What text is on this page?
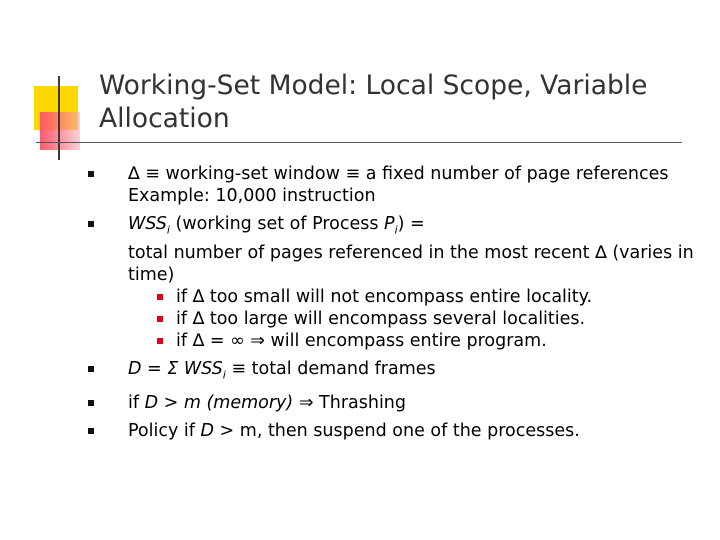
Working-Set Model: Local Scope, Variable Allocation
∆ ≡ working-set window ≡ a fixed number of page references
Example: 10,000 instruction
$WSS_i$ (working set of Process $P_i$) =
total number of pages referenced in the most recent ∆ (varies in
time)
if ∆ too small will not encompass entire locality.
if ∆ too large will encompass several localities.
if ∆ = ∞ ⇒ will encompass entire program.
D = Σ $WSS_i$ ≡ total demand frames
if D > m (memory) ⇒ Thrashing
Policy if D > m, then suspend one of the processes.
